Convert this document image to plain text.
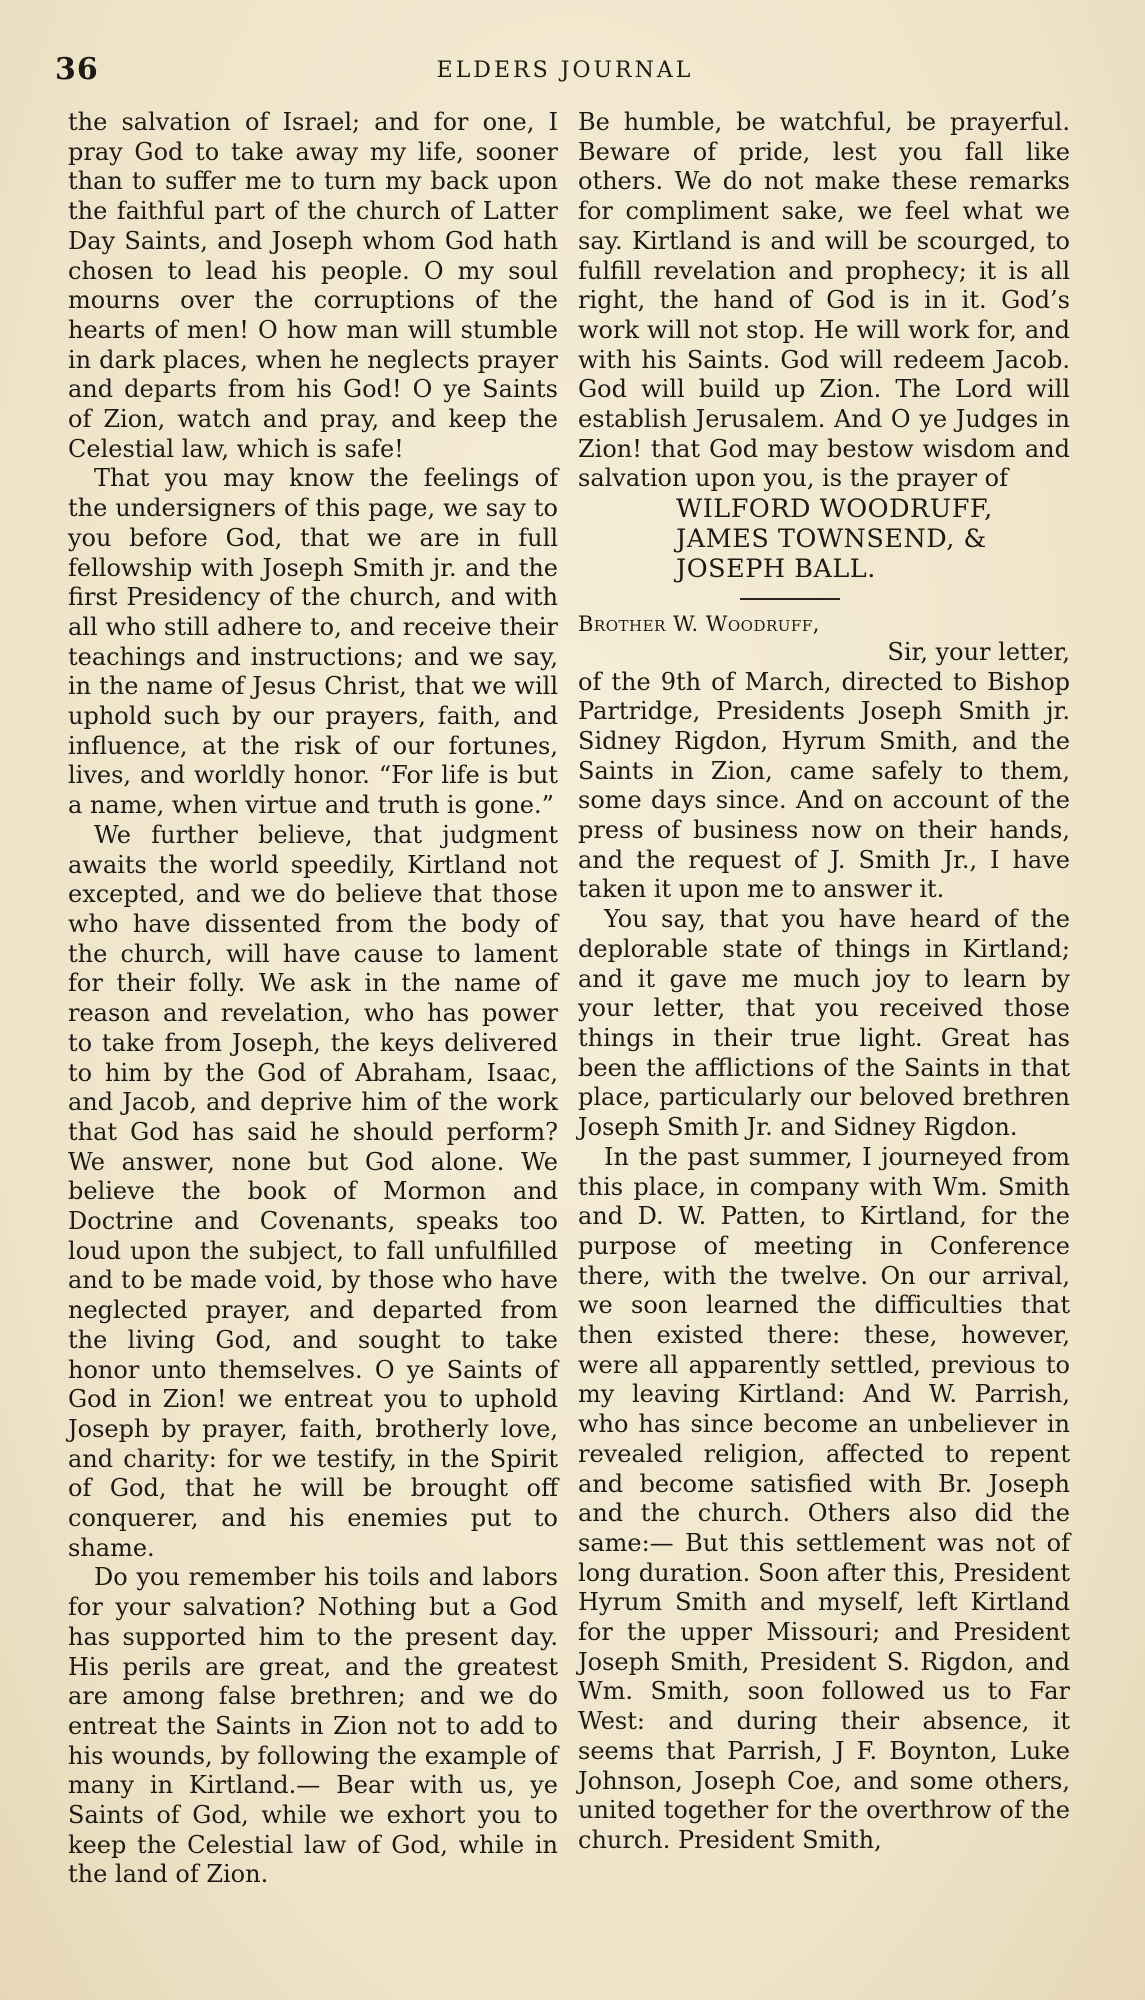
36	ELDERS JOURNAL

the salvation of Israel; and for one, I pray God to take away my life, sooner than to suffer me to turn my back upon the faithful part of the church of Latter Day Saints, and Joseph whom God hath chosen to lead his people. O my soul mourns over the corruptions of the hearts of men! O how man will stumble in dark places, when he neglects prayer and departs from his God! O ye Saints of Zion, watch and pray, and keep the Celestial law, which is safe!

That you may know the feelings of the undersigners of this page, we say to you before God, that we are in full fellowship with Joseph Smith jr. and the first Presidency of the church, and with all who still adhere to, and receive their teachings and instructions; and we say, in the name of Jesus Christ, that we will uphold such by our prayers, faith, and influence, at the risk of our fortunes, lives, and worldly honor. “For life is but a name, when virtue and truth is gone.”

We further believe, that judgment awaits the world speedily, Kirtland not excepted, and we do believe that those who have dissented from the body of the church, will have cause to lament for their folly. We ask in the name of reason and revelation, who has power to take from Joseph, the keys delivered to him by the God of Abraham, Isaac, and Jacob, and deprive him of the work that God has said he should perform? We answer, none but God alone. We believe the book of Mormon and Doctrine and Covenants, speaks too loud upon the subject, to fall unfulfilled and to be made void, by those who have neglected prayer, and departed from the living God, and sought to take honor unto themselves. O ye Saints of God in Zion! we entreat you to uphold Joseph by prayer, faith, brotherly love, and charity: for we testify, in the Spirit of God, that he will be brought off conquerer, and his enemies put to shame.

Do you remember his toils and labors for your salvation? Nothing but a God has supported him to the present day. His perils are great, and the greatest are among false brethren; and we do entreat the Saints in Zion not to add to his wounds, by following the example of many in Kirtland.— Bear with us, ye Saints of God, while we exhort you to keep the Celestial law of God, while in the land of Zion.

Be humble, be watchful, be prayerful. Beware of pride, lest you fall like others. We do not make these remarks for compliment sake, we feel what we say. Kirtland is and will be scourged, to fulfill revelation and prophecy; it is all right, the hand of God is in it. God’s work will not stop. He will work for, and with his Saints. God will redeem Jacob. God will build up Zion. The Lord will establish Jerusalem. And O ye Judges in Zion! that God may bestow wisdom and salvation upon you, is the prayer of

WILFORD WOODRUFF,
JAMES TOWNSEND, &
JOSEPH BALL.

Brother W. Woodruff,

Sir, your letter,

of the 9th of March, directed to Bishop Partridge, Presidents Joseph Smith jr. Sidney Rigdon, Hyrum Smith, and the Saints in Zion, came safely to them, some days since. And on account of the press of business now on their hands, and the request of J. Smith Jr., I have taken it upon me to answer it.

You say, that you have heard of the deplorable state of things in Kirtland; and it gave me much joy to learn by your letter, that you received those things in their true light. Great has been the afflictions of the Saints in that place, particularly our beloved brethren Joseph Smith Jr. and Sidney Rigdon.

In the past summer, I journeyed from this place, in company with Wm. Smith and D. W. Patten, to Kirtland, for the purpose of meeting in Conference there, with the twelve. On our arrival, we soon learned the difficulties that then existed there: these, however, were all apparently settled, previous to my leaving Kirtland: And W. Parrish, who has since become an unbeliever in revealed religion, affected to repent and become satisfied with Br. Joseph and the church. Others also did the same:— But this settlement was not of long duration. Soon after this, President Hyrum Smith and myself, left Kirtland for the upper Missouri; and President Joseph Smith, President S. Rigdon, and Wm. Smith, soon followed us to Far West: and during their absence, it seems that Parrish, J F. Boynton, Luke Johnson, Joseph Coe, and some others, united together for the overthrow of the church. President Smith,
